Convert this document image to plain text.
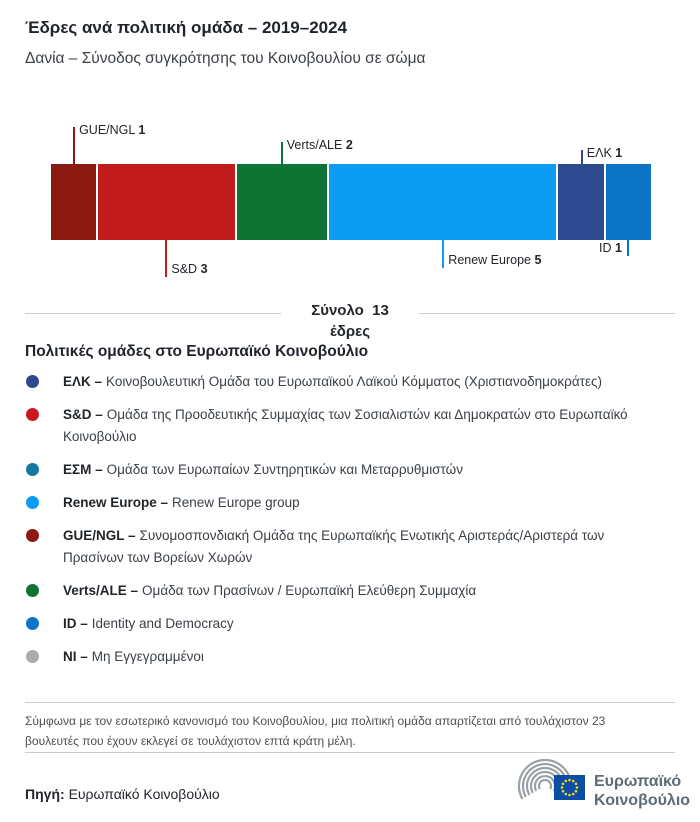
Έδρες ανά πολιτική ομάδα – 2019–2024
Δανία – Σύνοδος συγκρότησης του Κοινοβουλίου σε σώμα
GUE/NGL 1
S&D 3
Verts/ALE 2
Renew Europe 5
ΕΛΚ 1
ID 1
Σύνολο  13
έδρες
Πολιτικές ομάδες στο Ευρωπαϊκό Κοινοβούλιο
ΕΛΚ – Κοινοβουλευτική Ομάδα του Ευρωπαϊκού Λαϊκού Κόμματος (Χριστιανοδημοκράτες)
S&D – Ομάδα της Προοδευτικής Συμμαχίας των Σοσιαλιστών και Δημοκρατών στο Ευρωπαϊκό Κοινοβούλιο
ΕΣΜ – Ομάδα των Ευρωπαίων Συντηρητικών και Μεταρρυθμιστών
Renew Europe – Renew Europe group
GUE/NGL – Συνομοσπονδιακή Ομάδα της Ευρωπαϊκής Ενωτικής Αριστεράς/Αριστερά των Πρασίνων των Βορείων Χωρών
Verts/ALE – Ομάδα των Πρασίνων / Ευρωπαϊκή Ελεύθερη Συμμαχία
ID – Identity and Democracy
NI – Μη Εγγεγραμμένοι
Σύμφωνα με τον εσωτερικό κανονισμό του Κοινοβουλίου, μια πολιτική ομάδα απαρτίζεται από τουλάχιστον 23 βουλευτές που έχουν εκλεγεί σε τουλάχιστον επτά κράτη μέλη.
Πηγή: Ευρωπαϊκό Κοινοβούλιο
Ευρωπαϊκό
Κοινοβούλιο
